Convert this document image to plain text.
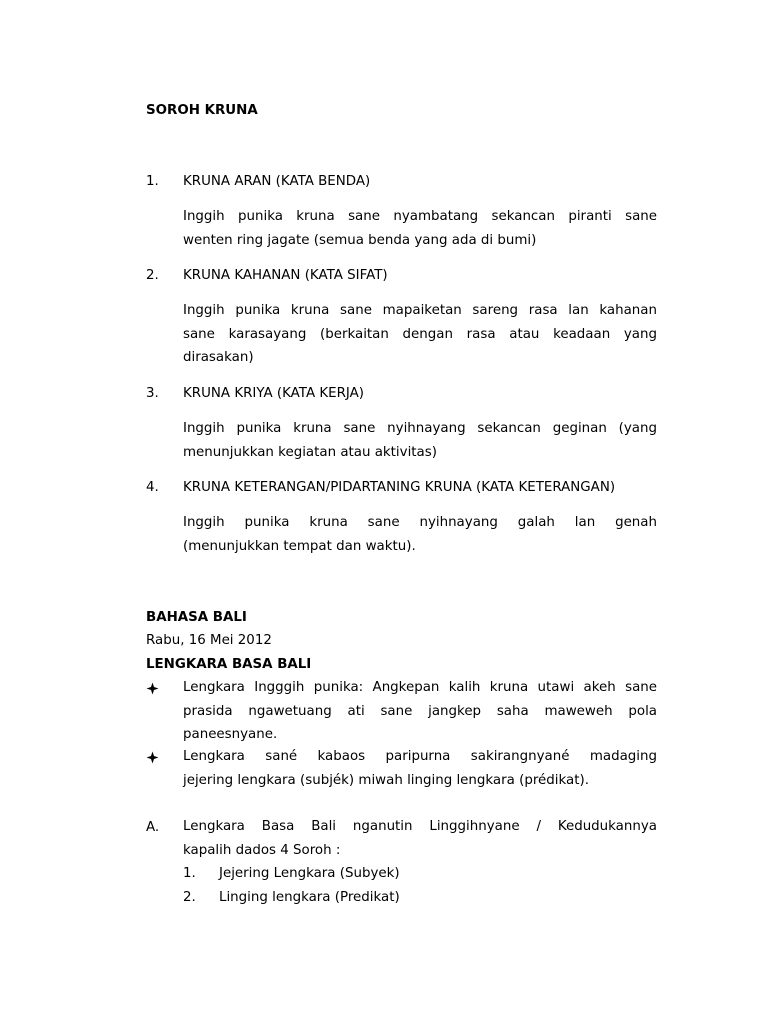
SOROH KRUNA
1. KRUNA ARAN (KATA BENDA)
Inggih punika kruna sane nyambatang sekancan piranti sane
wenten ring jagate (semua benda yang ada di bumi)
2. KRUNA KAHANAN (KATA SIFAT)
Inggih punika kruna sane mapaiketan sareng rasa lan kahanan
sane karasayang (berkaitan dengan rasa atau keadaan yang
dirasakan)
3. KRUNA KRIYA (KATA KERJA)
Inggih punika kruna sane nyihnayang sekancan geginan (yang
menunjukkan kegiatan atau aktivitas)
4. KRUNA KETERANGAN/PIDARTANING KRUNA (KATA KETERANGAN)
Inggih punika kruna sane nyihnayang galah lan genah
(menunjukkan tempat dan waktu).
BAHASA BALI
Rabu, 16 Mei 2012
LENGKARA BASA BALI
Lengkara Ingggih punika: Angkepan kalih kruna utawi akeh sane
prasida ngawetuang ati sane jangkep saha maweweh pola
paneesnyane.
Lengkara sané kabaos paripurna sakirangnyané madaging
jejering lengkara (subjék) miwah linging lengkara (prédikat).
A. Lengkara Basa Bali nganutin Linggihnyane / Kedudukannya
kapalih dados 4 Soroh :
1. Jejering Lengkara (Subyek)
2. Linging lengkara (Predikat)
